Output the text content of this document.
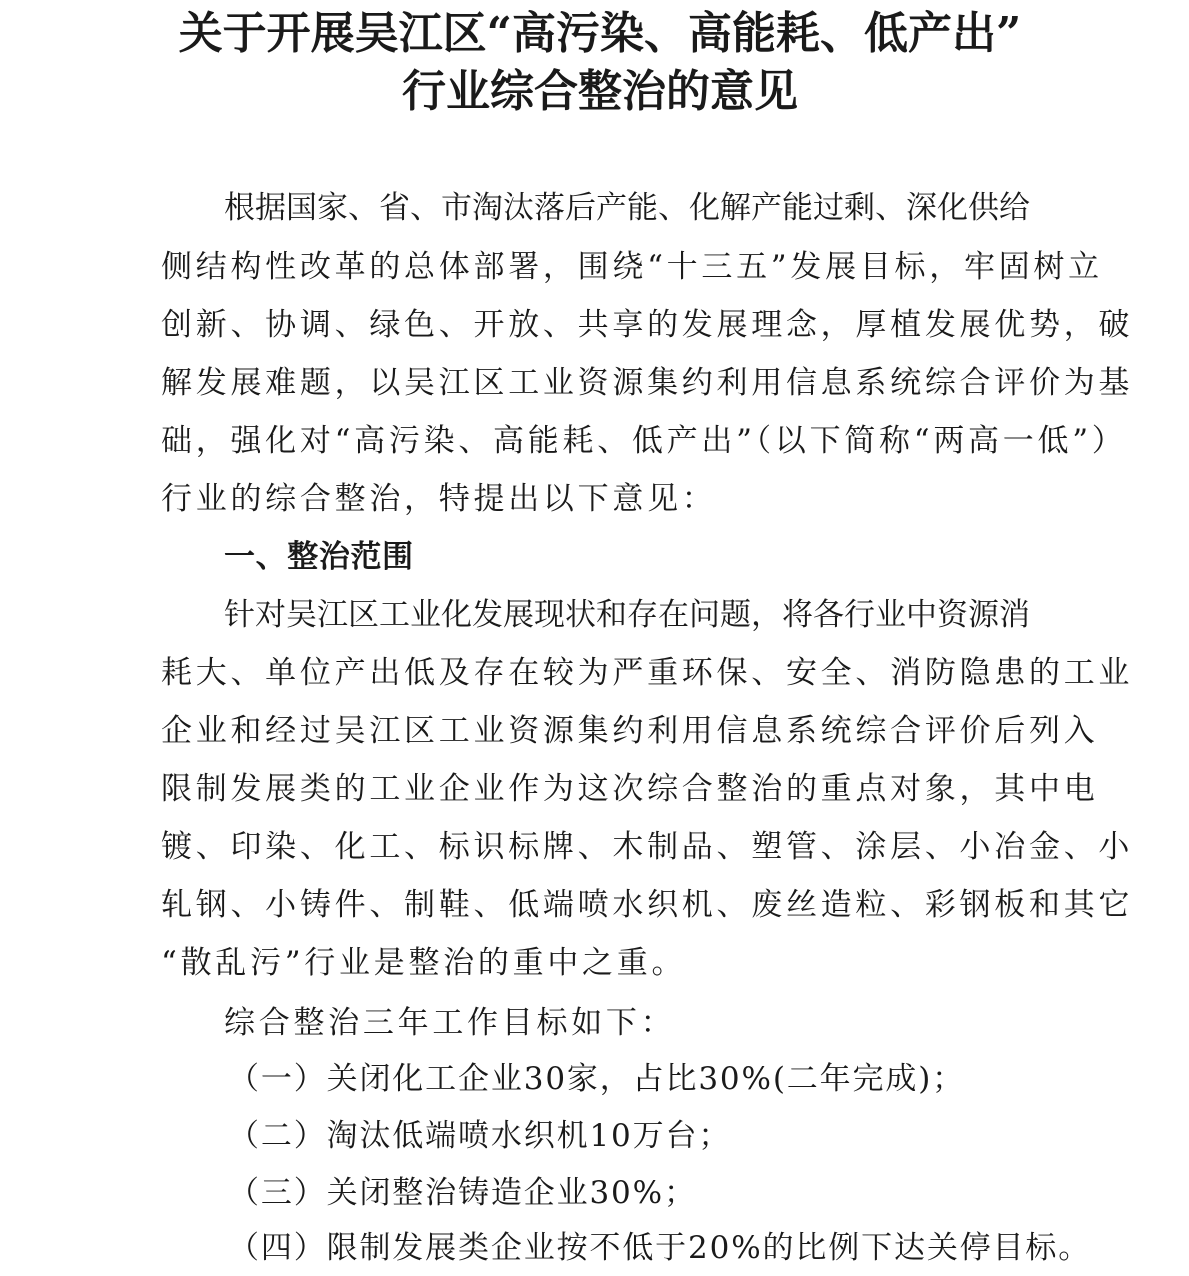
关于开展吴江区“高污染、高能耗、低产出”
行业综合整治的意见
根据国家、省、市淘汰落后产能、化解产能过剩、深化供给
侧结构性改革的总体部署，围绕“十三五”发展目标，牢固树立
创新、协调、绿色、开放、共享的发展理念，厚植发展优势，破
解发展难题，以吴江区工业资源集约利用信息系统综合评价为基
础，强化对“高污染、高能耗、低产出”（以下简称“两高一低”）
行业的综合整治，特提出以下意见：
一、整治范围
针对吴江区工业化发展现状和存在问题，将各行业中资源消
耗大、单位产出低及存在较为严重环保、安全、消防隐患的工业
企业和经过吴江区工业资源集约利用信息系统综合评价后列入
限制发展类的工业企业作为这次综合整治的重点对象，其中电
镀、印染、化工、标识标牌、木制品、塑管、涂层、小冶金、小
轧钢、小铸件、制鞋、低端喷水织机、废丝造粒、彩钢板和其它
“散乱污”行业是整治的重中之重。
综合整治三年工作目标如下：
（一）关闭化工企业30家，占比30%(二年完成)；
（二）淘汰低端喷水织机10万台；
（三）关闭整治铸造企业30%；
（四）限制发展类企业按不低于20%的比例下达关停目标。
